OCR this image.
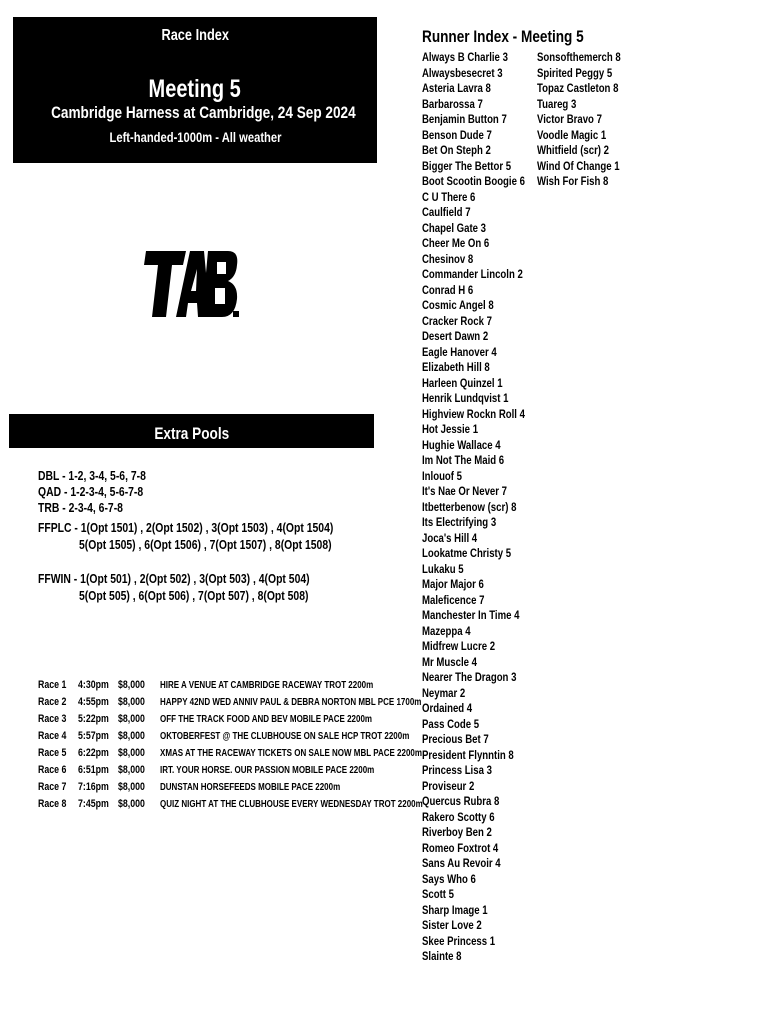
Race Index
Meeting 5
Cambridge Harness at Cambridge, 24 Sep 2024
Left-handed-1000m - All weather
Extra Pools
DBL - 1-2, 3-4, 5-6, 7-8
QAD - 1-2-3-4, 5-6-7-8
TRB - 2-3-4, 6-7-8
FFPLC - 1(Opt 1501) , 2(Opt 1502) , 3(Opt 1503) , 4(Opt 1504)
5(Opt 1505) , 6(Opt 1506) , 7(Opt 1507) , 8(Opt 1508)
FFWIN - 1(Opt 501) , 2(Opt 502) , 3(Opt 503) , 4(Opt 504)
5(Opt 505) , 6(Opt 506) , 7(Opt 507) , 8(Opt 508)
Race 1	4:30pm $8,000	HIRE A VENUE AT CAMBRIDGE RACEWAY TROT 2200m
Race 2	4:55pm $8,000	HAPPY 42ND WED ANNIV PAUL & DEBRA NORTON MBL PCE 1700m
Race 3	5:22pm $8,000	OFF THE TRACK FOOD AND BEV MOBILE PACE 2200m
Race 4	5:57pm $8,000	OKTOBERFEST @ THE CLUBHOUSE ON SALE HCP TROT 2200m
Race 5	6:22pm $8,000	XMAS AT THE RACEWAY TICKETS ON SALE NOW MBL PACE 2200m
Race 6	6:51pm $8,000	IRT. YOUR HORSE. OUR PASSION MOBILE PACE 2200m
Race 7	7:16pm $8,000	DUNSTAN HORSEFEEDS MOBILE PACE 2200m
Race 8	7:45pm $8,000	QUIZ NIGHT AT THE CLUBHOUSE EVERY WEDNESDAY TROT 2200m
Runner Index - Meeting 5
Always B Charlie 3
Alwaysbesecret 3
Asteria Lavra 8
Barbarossa 7
Benjamin Button 7
Benson Dude 7
Bet On Steph 2
Bigger The Bettor 5
Boot Scootin Boogie 6
C U There 6
Caulfield 7
Chapel Gate 3
Cheer Me On 6
Chesinov 8
Commander Lincoln 2
Conrad H 6
Cosmic Angel 8
Cracker Rock 7
Desert Dawn 2
Eagle Hanover 4
Elizabeth Hill 8
Harleen Quinzel 1
Henrik Lundqvist 1
Highview Rockn Roll 4
Hot Jessie 1
Hughie Wallace 4
Im Not The Maid 6
Inlouof 5
It's Nae Or Never 7
Itbetterbenow (scr) 8
Its Electrifying 3
Joca's Hill 4
Lookatme Christy 5
Lukaku 5
Major Major 6
Maleficence 7
Manchester In Time 4
Mazeppa 4
Midfrew Lucre 2
Mr Muscle 4
Nearer The Dragon 3
Neymar 2
Ordained 4
Pass Code 5
Precious Bet 7
President Flynntin 8
Princess Lisa 3
Proviseur 2
Quercus Rubra 8
Rakero Scotty 6
Riverboy Ben 2
Romeo Foxtrot 4
Sans Au Revoir 4
Says Who 6
Scott 5
Sharp Image 1
Sister Love 2
Skee Princess 1
Slainte 8
Sonsofthemerch 8
Spirited Peggy 5
Topaz Castleton 8
Tuareg 3
Victor Bravo 7
Voodle Magic 1
Whitfield (scr) 2
Wind Of Change 1
Wish For Fish 8
